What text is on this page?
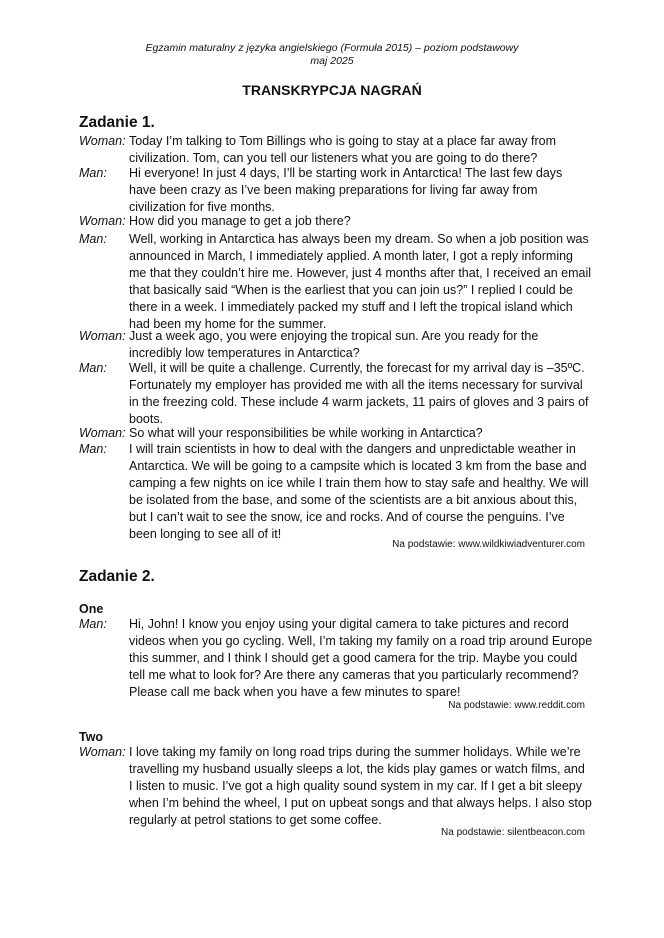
Egzamin maturalny z języka angielskiego (Formuła 2015) – poziom podstawowy
maj 2025
TRANSKRYPCJA NAGRAŃ
Zadanie 1.
Woman: Today I’m talking to Tom Billings who is going to stay at a place far away from
civilization. Tom, can you tell our listeners what you are going to do there?
Man: Hi everyone! In just 4 days, I’ll be starting work in Antarctica! The last few days
have been crazy as I’ve been making preparations for living far away from
civilization for five months.
Woman: How did you manage to get a job there?
Man: Well, working in Antarctica has always been my dream. So when a job position was
announced in March, I immediately applied. A month later, I got a reply informing
me that they couldn’t hire me. However, just 4 months after that, I received an email
that basically said “When is the earliest that you can join us?” I replied I could be
there in a week. I immediately packed my stuff and I left the tropical island which
had been my home for the summer.
Woman: Just a week ago, you were enjoying the tropical sun. Are you ready for the
incredibly low temperatures in Antarctica?
Man: Well, it will be quite a challenge. Currently, the forecast for my arrival day is –35ºC.
Fortunately my employer has provided me with all the items necessary for survival
in the freezing cold. These include 4 warm jackets, 11 pairs of gloves and 3 pairs of
boots.
Woman: So what will your responsibilities be while working in Antarctica?
Man: I will train scientists in how to deal with the dangers and unpredictable weather in
Antarctica. We will be going to a campsite which is located 3 km from the base and
camping a few nights on ice while I train them how to stay safe and healthy. We will
be isolated from the base, and some of the scientists are a bit anxious about this,
but I can’t wait to see the snow, ice and rocks. And of course the penguins. I’ve
been longing to see all of it!
Na podstawie: www.wildkiwiadventurer.com
Zadanie 2.
One
Man: Hi, John! I know you enjoy using your digital camera to take pictures and record
videos when you go cycling. Well, I’m taking my family on a road trip around Europe
this summer, and I think I should get a good camera for the trip. Maybe you could
tell me what to look for? Are there any cameras that you particularly recommend?
Please call me back when you have a few minutes to spare!
Na podstawie: www.reddit.com
Two
Woman: I love taking my family on long road trips during the summer holidays. While we’re
travelling my husband usually sleeps a lot, the kids play games or watch films, and
I listen to music. I’ve got a high quality sound system in my car. If I get a bit sleepy
when I’m behind the wheel, I put on upbeat songs and that always helps. I also stop
regularly at petrol stations to get some coffee.
Na podstawie: silentbeacon.com
